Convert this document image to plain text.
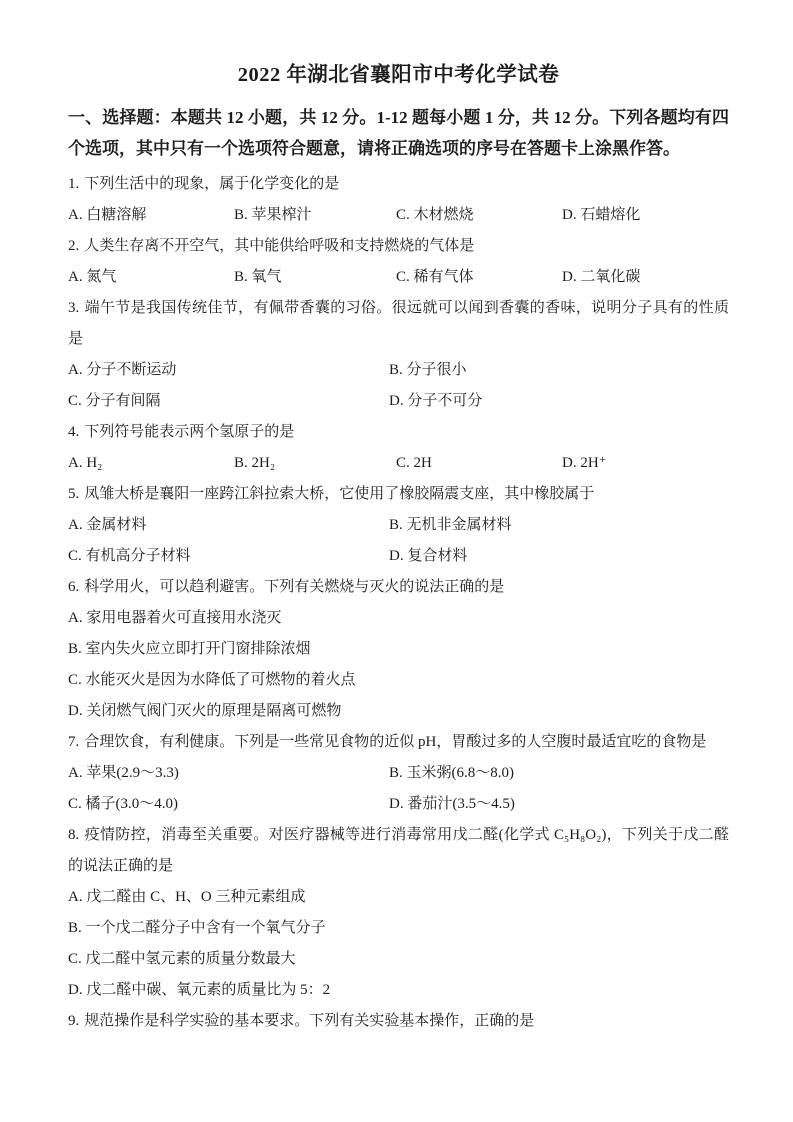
2022 年湖北省襄阳市中考化学试卷

一、选择题：本题共 12 小题，共 12 分。1-12 题每小题 1 分，共 12 分。下列各题均有四个选项，其中只有一个选项符合题意，请将正确选项的序号在答题卡上涂黑作答。

1. 下列生活中的现象，属于化学变化的是

A. 白糖溶解	B. 苹果榨汁	C. 木材燃烧	D. 石蜡熔化

2. 人类生存离不开空气，其中能供给呼吸和支持燃烧的气体是

A. 氮气	B. 氧气	C. 稀有气体	D. 二氧化碳

3. 端午节是我国传统佳节，有佩带香囊的习俗。很远就可以闻到香囊的香味，说明分子具有的性质是

A. 分子不断运动	B. 分子很小
C. 分子有间隔	D. 分子不可分

4. 下列符号能表示两个氢原子的是

A. H₂	B. 2H₂	C. 2H	D. 2H⁺

5. 凤雏大桥是襄阳一座跨江斜拉索大桥，它使用了橡胶隔震支座，其中橡胶属于

A. 金属材料	B. 无机非金属材料
C. 有机高分子材料	D. 复合材料

6. 科学用火，可以趋利避害。下列有关燃烧与灭火的说法正确的是

A. 家用电器着火可直接用水浇灭
B. 室内失火应立即打开门窗排除浓烟
C. 水能灭火是因为水降低了可燃物的着火点
D. 关闭燃气阀门灭火的原理是隔离可燃物

7. 合理饮食，有利健康。下列是一些常见食物的近似 pH，胃酸过多的人空腹时最适宜吃的食物是

A. 苹果(2.9～3.3)	B. 玉米粥(6.8～8.0)
C. 橘子(3.0～4.0)	D. 番茄汁(3.5～4.5)

8. 疫情防控，消毒至关重要。对医疗器械等进行消毒常用戊二醛(化学式 C₅H₈O₂)，下列关于戊二醛的说法正确的是

A. 戊二醛由 C、H、O 三种元素组成
B. 一个戊二醛分子中含有一个氧气分子
C. 戊二醛中氢元素的质量分数最大
D. 戊二醛中碳、氧元素的质量比为 5：2

9. 规范操作是科学实验的基本要求。下列有关实验基本操作，正确的是
